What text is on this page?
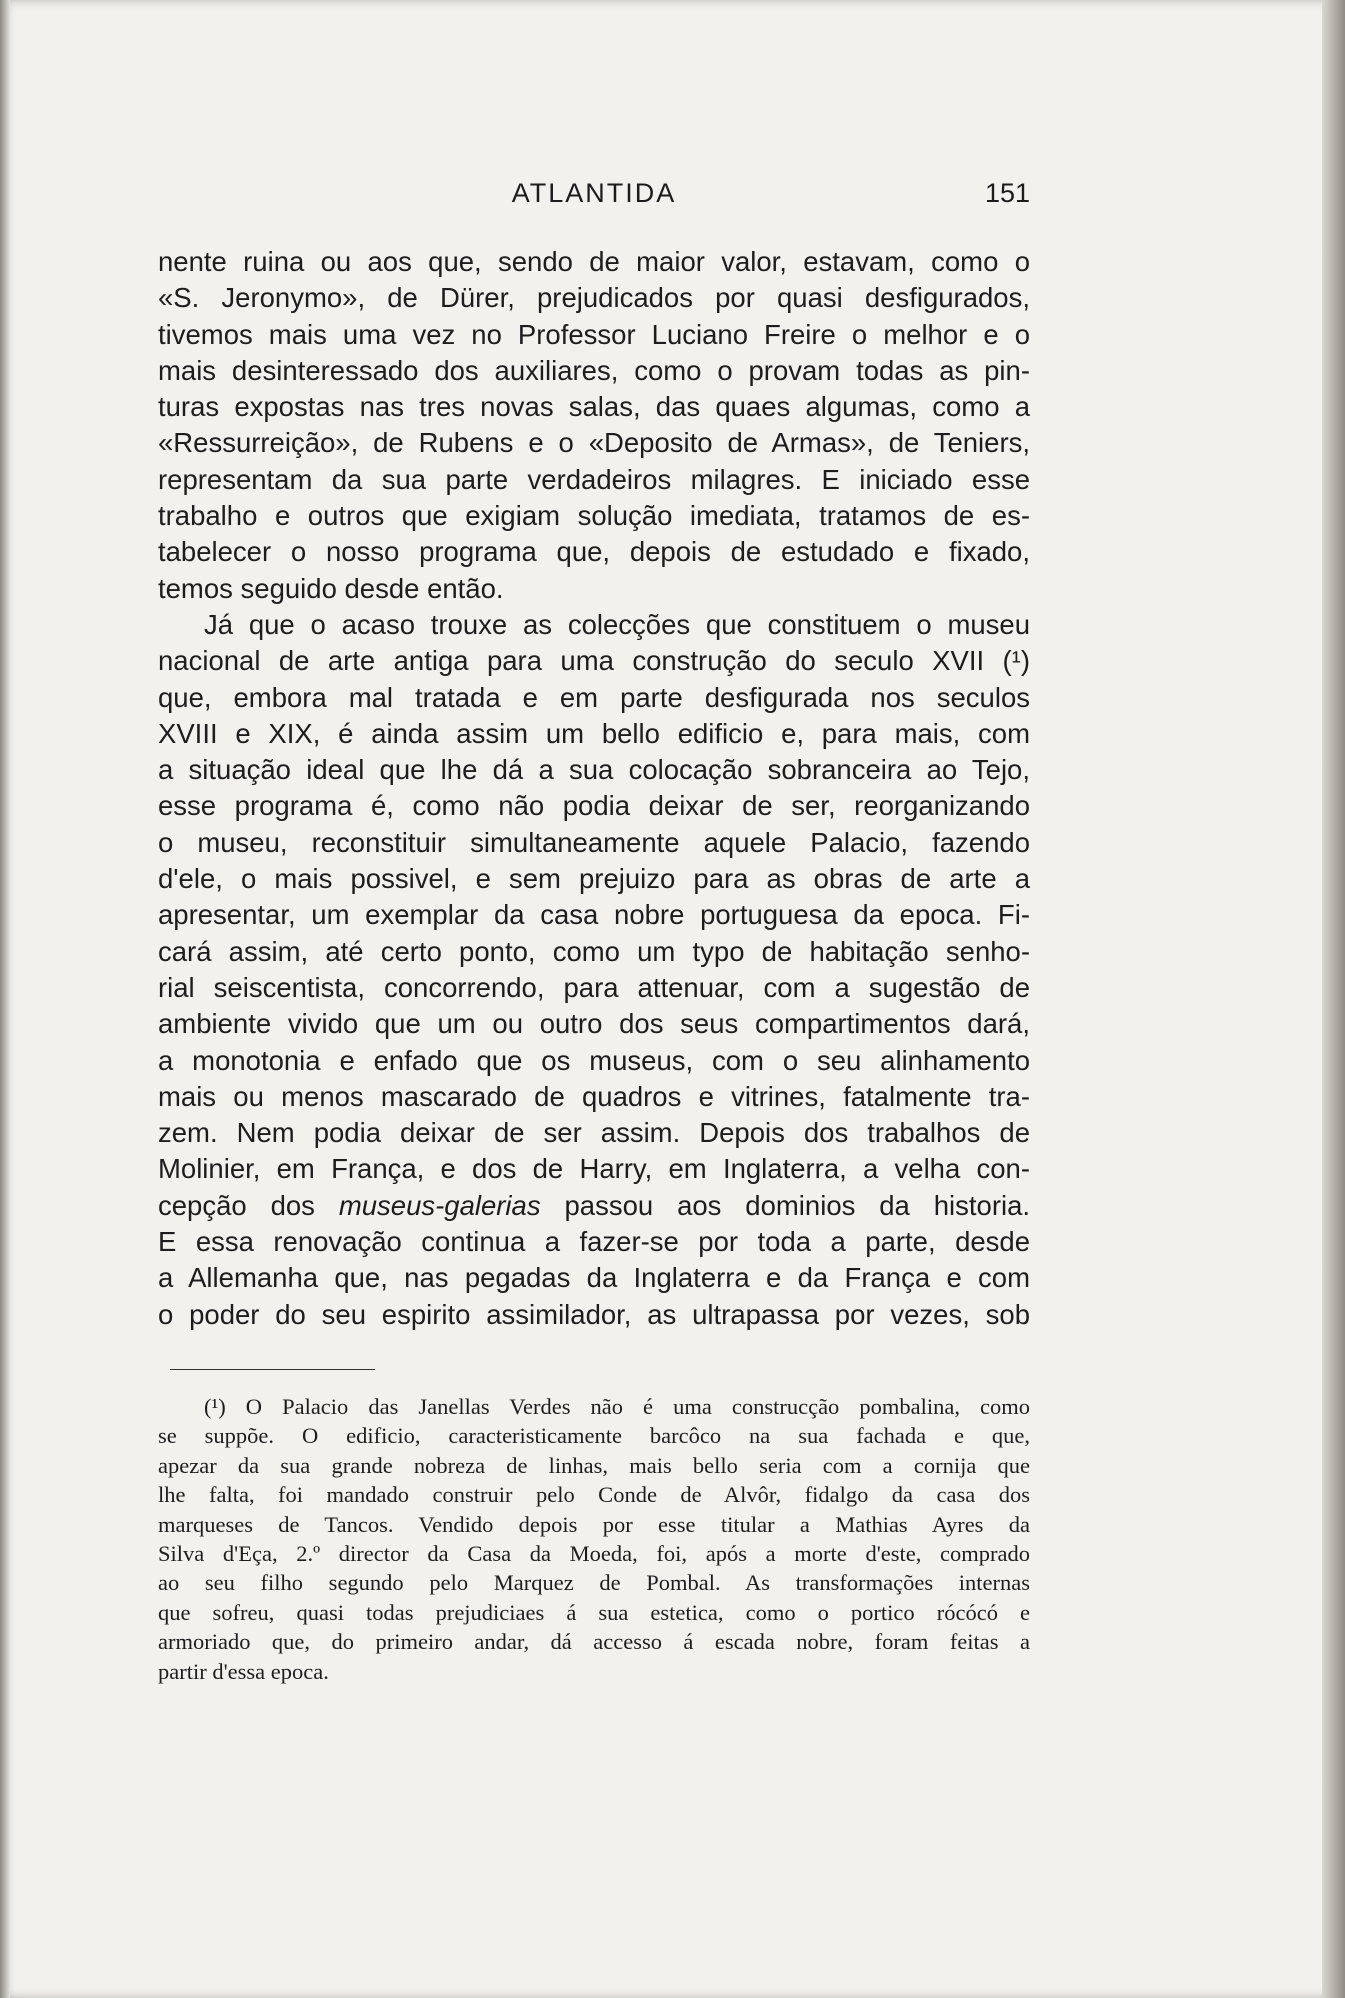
ATLANTIDA	151
nente ruina ou aos que, sendo de maior valor, estavam, como o
«S. Jeronymo», de Dürer, prejudicados por quasi desfigurados,
tivemos mais uma vez no Professor Luciano Freire o melhor e o
mais desinteressado dos auxiliares, como o provam todas as pin-
turas expostas nas tres novas salas, das quaes algumas, como a
«Ressurreição», de Rubens e o «Deposito de Armas», de Teniers,
representam da sua parte verdadeiros milagres. E iniciado esse
trabalho e outros que exigiam solução imediata, tratamos de es-
tabelecer o nosso programa que, depois de estudado e fixado,
temos seguido desde então.
Já que o acaso trouxe as colecções que constituem o museu
nacional de arte antiga para uma construção do seculo XVII (¹)
que, embora mal tratada e em parte desfigurada nos seculos
XVIII e XIX, é ainda assim um bello edificio e, para mais, com
a situação ideal que lhe dá a sua colocação sobranceira ao Tejo,
esse programa é, como não podia deixar de ser, reorganizando
o museu, reconstituir simultaneamente aquele Palacio, fazendo
d'ele, o mais possivel, e sem prejuizo para as obras de arte a
apresentar, um exemplar da casa nobre portuguesa da epoca. Fi-
cará assim, até certo ponto, como um typo de habitação senho-
rial seiscentista, concorrendo, para attenuar, com a sugestão de
ambiente vivido que um ou outro dos seus compartimentos dará,
a monotonia e enfado que os museus, com o seu alinhamento
mais ou menos mascarado de quadros e vitrines, fatalmente tra-
zem. Nem podia deixar de ser assim. Depois dos trabalhos de
Molinier, em França, e dos de Harry, em Inglaterra, a velha con-
cepção dos museus-galerias passou aos dominios da historia.
E essa renovação continua a fazer-se por toda a parte, desde
a Allemanha que, nas pegadas da Inglaterra e da França e com
o poder do seu espirito assimilador, as ultrapassa por vezes, sob
(¹) O Palacio das Janellas Verdes não é uma construcção pombalina, como
se suppõe. O edificio, caracteristicamente barcôco na sua fachada e que,
apezar da sua grande nobreza de linhas, mais bello seria com a cornija que
lhe falta, foi mandado construir pelo Conde de Alvôr, fidalgo da casa dos
marqueses de Tancos. Vendido depois por esse titular a Mathias Ayres da
Silva d'Eça, 2.º director da Casa da Moeda, foi, após a morte d'este, comprado
ao seu filho segundo pelo Marquez de Pombal. As transformações internas
que sofreu, quasi todas prejudiciaes á sua estetica, como o portico rócócó e
armoriado que, do primeiro andar, dá accesso á escada nobre, foram feitas a
partir d'essa epoca.
